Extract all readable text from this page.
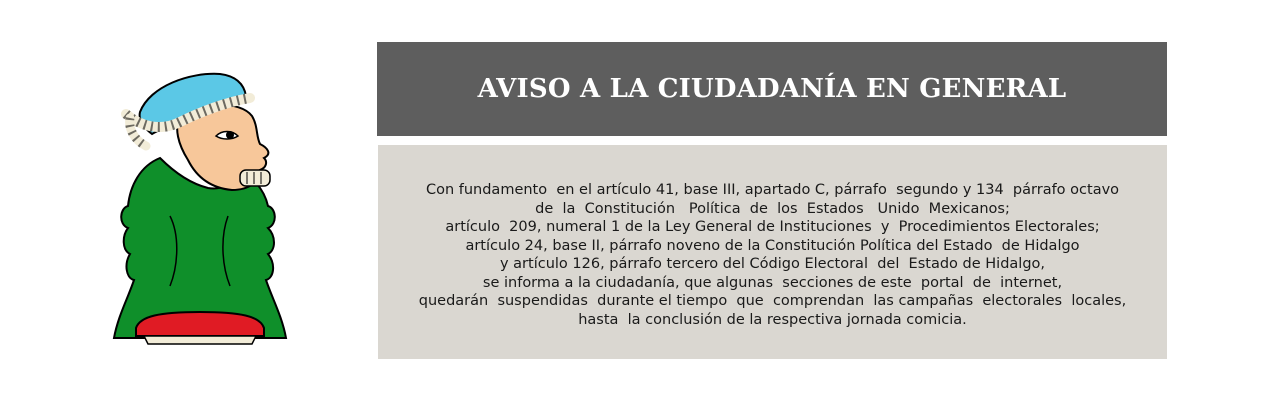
AVISO A LA CIUDADANÍA EN GENERAL
Con fundamento  en el artículo 41, base III, apartado C, párrafo  segundo y 134  párrafo octavo
de  la  Constitución   Política  de  los  Estados   Unido  Mexicanos;
artículo  209, numeral 1 de la Ley General de Instituciones  y  Procedimientos Electorales;
artículo 24, base II, párrafo noveno de la Constitución Política del Estado  de Hidalgo
y artículo 126, párrafo tercero del Código Electoral  del  Estado de Hidalgo,
se informa a la ciudadanía, que algunas  secciones de este  portal  de  internet,
quedarán  suspendidas  durante el tiempo  que  comprendan  las campañas  electorales  locales,
hasta  la conclusión de la respectiva jornada comicia.
